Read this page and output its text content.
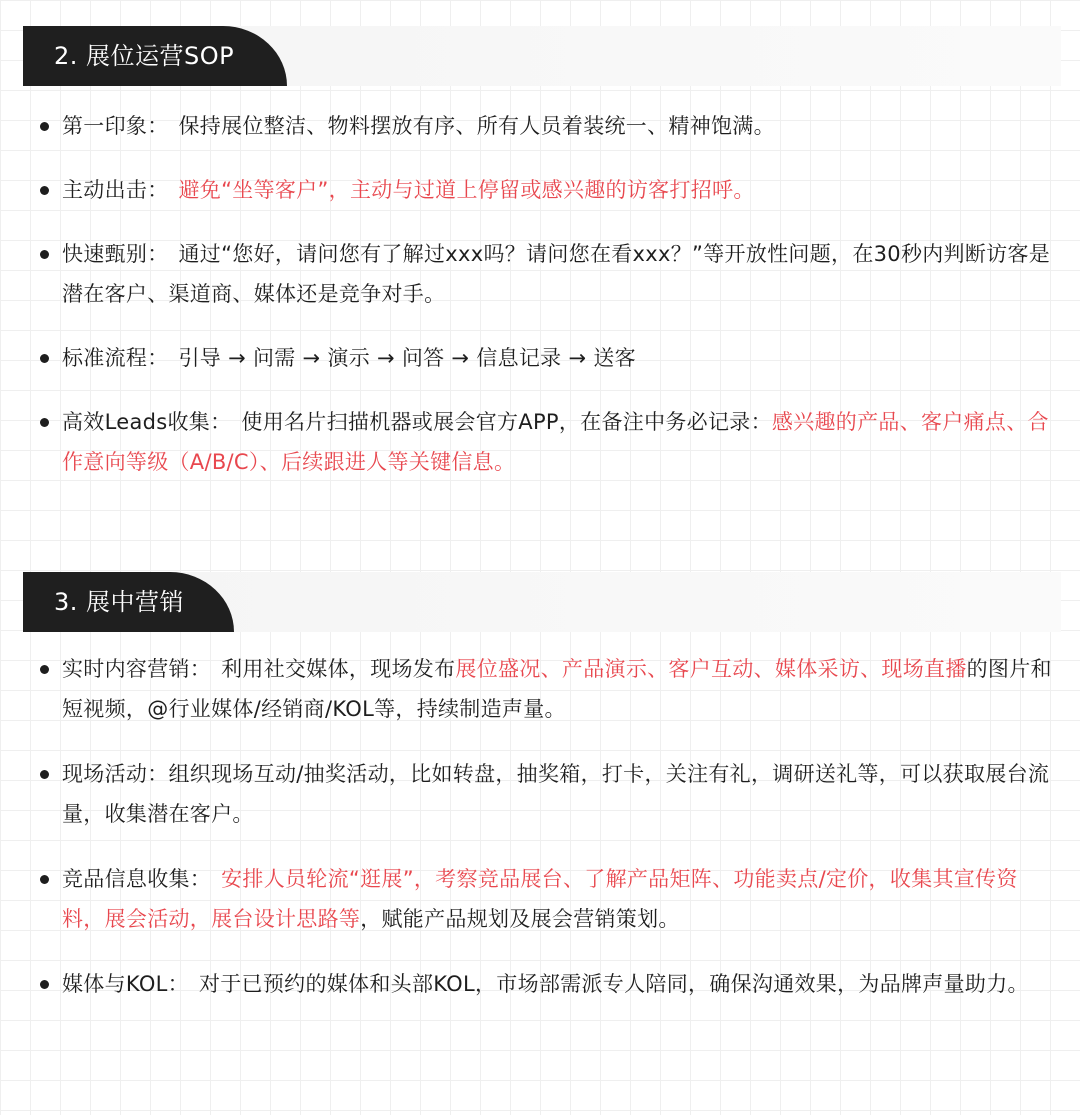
2. 展位运营SOP
第一印象： 保持展位整洁、物料摆放有序、所有人员着装统一、精神饱满。
主动出击： 避免“坐等客户”，主动与过道上停留或感兴趣的访客打招呼。
快速甄别： 通过“您好，请问您有了解过xxx吗？请问您在看xxx？”等开放性问题，在30秒内判断访客是潜在客户、渠道商、媒体还是竞争对手。
标准流程： 引导 → 问需 → 演示 → 问答 → 信息记录 → 送客
高效Leads收集： 使用名片扫描机器或展会官方APP，在备注中务必记录：感兴趣的产品、客户痛点、合作意向等级（A/B/C）、后续跟进人等关键信息。
3. 展中营销
实时内容营销： 利用社交媒体，现场发布展位盛况、产品演示、客户互动、媒体采访、现场直播的图片和短视频，@行业媒体/经销商/KOL等，持续制造声量。
现场活动：组织现场互动/抽奖活动，比如转盘，抽奖箱，打卡，关注有礼，调研送礼等，可以获取展台流量，收集潜在客户。
竞品信息收集： 安排人员轮流“逛展”，考察竞品展台、了解产品矩阵、功能卖点/定价，收集其宣传资料，展会活动，展台设计思路等，赋能产品规划及展会营销策划。
媒体与KOL： 对于已预约的媒体和头部KOL，市场部需派专人陪同，确保沟通效果，为品牌声量助力。
